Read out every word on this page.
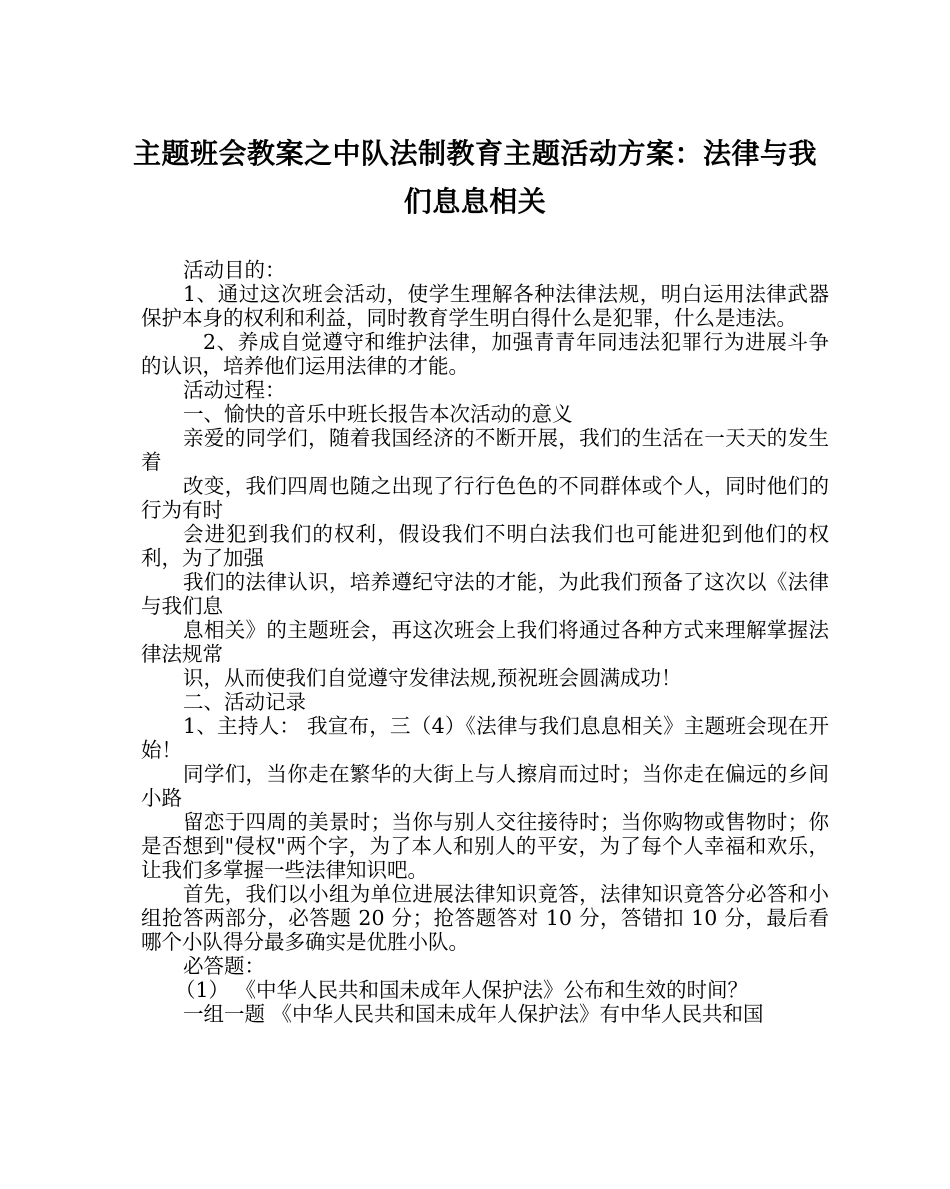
主题班会教案之中队法制教育主题活动方案：法律与我们息息相关

活动目的：

1、通过这次班会活动，使学生理解各种法律法规，明白运用法律武器保护本身的权利和利益，同时教育学生明白得什么是犯罪，什么是违法。

2、养成自觉遵守和维护法律，加强青青年同违法犯罪行为进展斗争的认识，培养他们运用法律的才能。

活动过程：

一、愉快的音乐中班长报告本次活动的意义

亲爱的同学们，随着我国经济的不断开展，我们的生活在一天天的发生着

改变，我们四周也随之出现了行行色色的不同群体或个人，同时他们的行为有时

会进犯到我们的权利，假设我们不明白法我们也可能进犯到他们的权利，为了加强

我们的法律认识，培养遵纪守法的才能，为此我们预备了这次以《法律与我们息

息相关》的主题班会，再这次班会上我们将通过各种方式来理解掌握法律法规常

识，从而使我们自觉遵守发律法规,预祝班会圆满成功！

二、活动记录

1、主持人： 我宣布，三（4）《法律与我们息息相关》主题班会现在开始！

同学们，当你走在繁华的大街上与人擦肩而过时；当你走在偏远的乡间小路

留恋于四周的美景时；当你与别人交往接待时；当你购物或售物时；你是否想到"侵权"两个字，为了本人和别人的平安，为了每个人幸福和欢乐，让我们多掌握一些法律知识吧。

首先，我们以小组为单位进展法律知识竟答，法律知识竟答分必答和小组抢答两部分，必答题 20 分；抢答题答对 10 分，答错扣 10 分，最后看哪个小队得分最多确实是优胜小队。

必答题：

（1） 《中华人民共和国未成年人保护法》公布和生效的时间？

一组一题 《中华人民共和国未成年人保护法》有中华人民共和国
